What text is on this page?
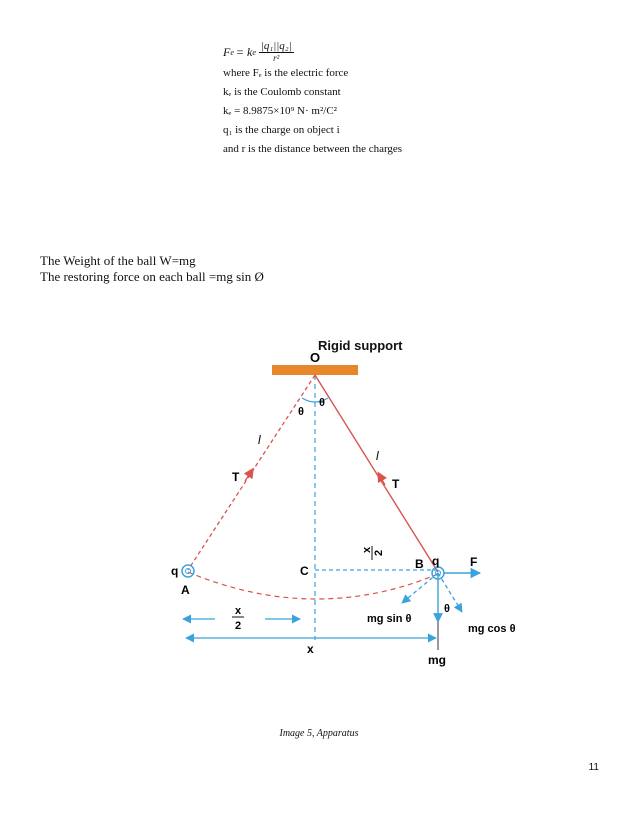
F e = k e $\frac{\text{|q₁||q₂|}}{\text{r²}}$
where Fₑ is the electric force
kₑ is the Coulomb constant
kₑ = 8.9875×10⁹ N· m²/C²
q₁ is the charge on object i
and r is the distance between the charges
The Weight of the ball W=mg
The restoring force on each ball =mg sin Ø
Rigid support
O
θ
θ
l
l
T	T
q
A
C	B q
x 2
F
mg sin θ
mg cos θ
θ
mg
x
2
x
Image 5, Apparatus
11
